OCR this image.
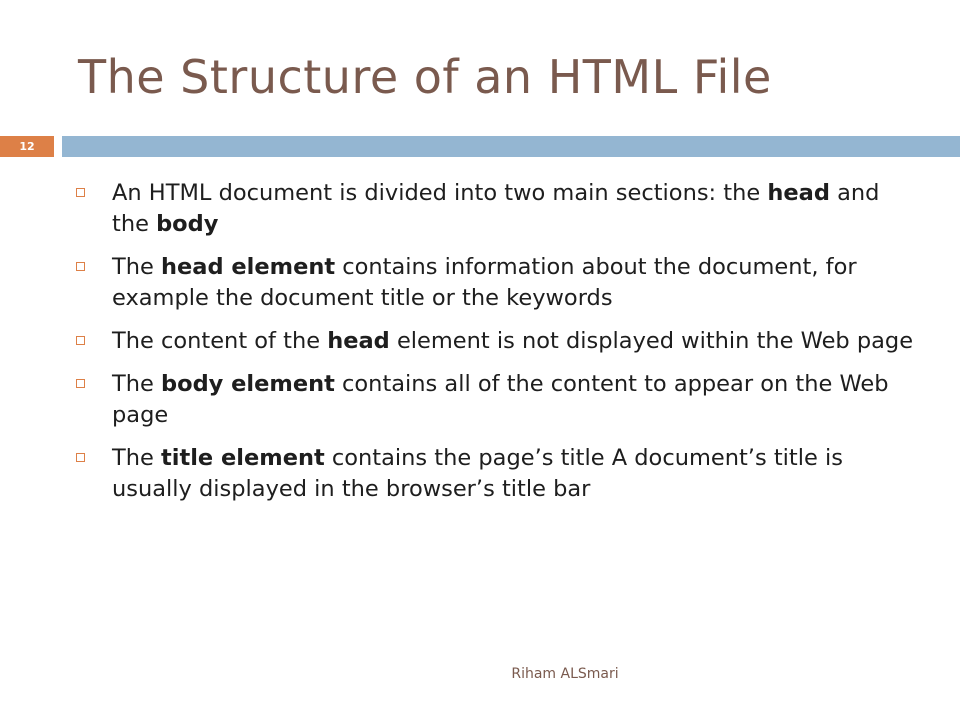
The Structure of an HTML File
12
An HTML document is divided into two main sections: the head and the body
The head element contains information about the document, for example the document title or the keywords
The content of the head element is not displayed within the Web page
The body element contains all of the content to appear on the Web page
The title element contains the page’s title A document’s title is usually displayed in the browser’s title bar
Riham ALSmari
